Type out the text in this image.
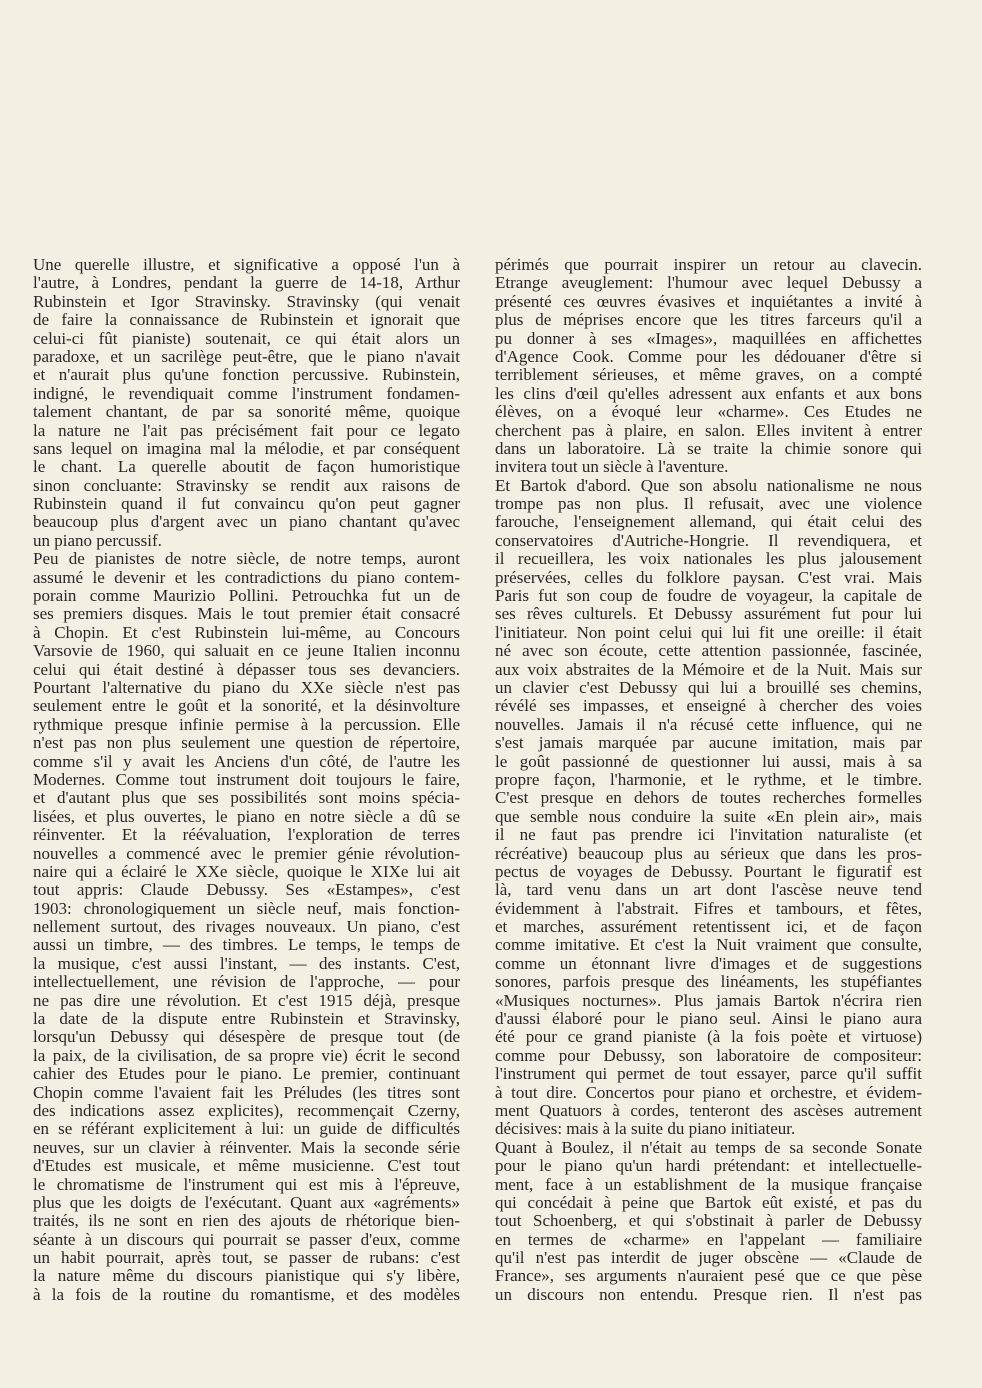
Une querelle illustre, et significative a opposé l'un à
l'autre, à Londres, pendant la guerre de 14-18, Arthur
Rubinstein et Igor Stravinsky. Stravinsky (qui venait
de faire la connaissance de Rubinstein et ignorait que
celui-ci fût pianiste) soutenait, ce qui était alors un
paradoxe, et un sacrilège peut-être, que le piano n'avait
et n'aurait plus qu'une fonction percussive. Rubinstein,
indigné, le revendiquait comme l'instrument fondamen-
talement chantant, de par sa sonorité même, quoique
la nature ne l'ait pas précisément fait pour ce legato
sans lequel on imagina mal la mélodie, et par conséquent
le chant. La querelle aboutit de façon humoristique
sinon concluante: Stravinsky se rendit aux raisons de
Rubinstein quand il fut convaincu qu'on peut gagner
beaucoup plus d'argent avec un piano chantant qu'avec
un piano percussif.
Peu de pianistes de notre siècle, de notre temps, auront
assumé le devenir et les contradictions du piano contem-
porain comme Maurizio Pollini. Petrouchka fut un de
ses premiers disques. Mais le tout premier était consacré
à Chopin. Et c'est Rubinstein lui-même, au Concours
Varsovie de 1960, qui saluait en ce jeune Italien inconnu
celui qui était destiné à dépasser tous ses devanciers.
Pourtant l'alternative du piano du XXe siècle n'est pas
seulement entre le goût et la sonorité, et la désinvolture
rythmique presque infinie permise à la percussion. Elle
n'est pas non plus seulement une question de répertoire,
comme s'il y avait les Anciens d'un côté, de l'autre les
Modernes. Comme tout instrument doit toujours le faire,
et d'autant plus que ses possibilités sont moins spécia-
lisées, et plus ouvertes, le piano en notre siècle a dû se
réinventer. Et la réévaluation, l'exploration de terres
nouvelles a commencé avec le premier génie révolution-
naire qui a éclairé le XXe siècle, quoique le XIXe lui ait
tout appris: Claude Debussy. Ses «Estampes», c'est
1903: chronologiquement un siècle neuf, mais fonction-
nellement surtout, des rivages nouveaux. Un piano, c'est
aussi un timbre, — des timbres. Le temps, le temps de
la musique, c'est aussi l'instant, — des instants. C'est,
intellectuellement, une révision de l'approche, — pour
ne pas dire une révolution. Et c'est 1915 déjà, presque
la date de la dispute entre Rubinstein et Stravinsky,
lorsqu'un Debussy qui désespère de presque tout (de
la paix, de la civilisation, de sa propre vie) écrit le second
cahier des Etudes pour le piano. Le premier, continuant
Chopin comme l'avaient fait les Préludes (les titres sont
des indications assez explicites), recommençait Czerny,
en se référant explicitement à lui: un guide de difficultés
neuves, sur un clavier à réinventer. Mais la seconde série
d'Etudes est musicale, et même musicienne. C'est tout
le chromatisme de l'instrument qui est mis à l'épreuve,
plus que les doigts de l'exécutant. Quant aux «agréments»
traités, ils ne sont en rien des ajouts de rhétorique bien-
séante à un discours qui pourrait se passer d'eux, comme
un habit pourrait, après tout, se passer de rubans: c'est
la nature même du discours pianistique qui s'y libère,
à la fois de la routine du romantisme, et des modèles
périmés que pourrait inspirer un retour au clavecin.
Etrange aveuglement: l'humour avec lequel Debussy a
présenté ces œuvres évasives et inquiétantes a invité à
plus de méprises encore que les titres farceurs qu'il a
pu donner à ses «Images», maquillées en affichettes
d'Agence Cook. Comme pour les dédouaner d'être si
terriblement sérieuses, et même graves, on a compté
les clins d'œil qu'elles adressent aux enfants et aux bons
élèves, on a évoqué leur «charme». Ces Etudes ne
cherchent pas à plaire, en salon. Elles invitent à entrer
dans un laboratoire. Là se traite la chimie sonore qui
invitera tout un siècle à l'aventure.
Et Bartok d'abord. Que son absolu nationalisme ne nous
trompe pas non plus. Il refusait, avec une violence
farouche, l'enseignement allemand, qui était celui des
conservatoires d'Autriche-Hongrie. Il revendiquera, et
il recueillera, les voix nationales les plus jalousement
préservées, celles du folklore paysan. C'est vrai. Mais
Paris fut son coup de foudre de voyageur, la capitale de
ses rêves culturels. Et Debussy assurément fut pour lui
l'initiateur. Non point celui qui lui fit une oreille: il était
né avec son écoute, cette attention passionnée, fascinée,
aux voix abstraites de la Mémoire et de la Nuit. Mais sur
un clavier c'est Debussy qui lui a brouillé ses chemins,
révélé ses impasses, et enseigné à chercher des voies
nouvelles. Jamais il n'a récusé cette influence, qui ne
s'est jamais marquée par aucune imitation, mais par
le goût passionné de questionner lui aussi, mais à sa
propre façon, l'harmonie, et le rythme, et le timbre.
C'est presque en dehors de toutes recherches formelles
que semble nous conduire la suite «En plein air», mais
il ne faut pas prendre ici l'invitation naturaliste (et
récréative) beaucoup plus au sérieux que dans les pros-
pectus de voyages de Debussy. Pourtant le figuratif est
là, tard venu dans un art dont l'ascèse neuve tend
évidemment à l'abstrait. Fifres et tambours, et fêtes,
et marches, assurément retentissent ici, et de façon
comme imitative. Et c'est la Nuit vraiment que consulte,
comme un étonnant livre d'images et de suggestions
sonores, parfois presque des linéaments, les stupéfiantes
«Musiques nocturnes». Plus jamais Bartok n'écrira rien
d'aussi élaboré pour le piano seul. Ainsi le piano aura
été pour ce grand pianiste (à la fois poète et virtuose)
comme pour Debussy, son laboratoire de compositeur:
l'instrument qui permet de tout essayer, parce qu'il suffit
à tout dire. Concertos pour piano et orchestre, et évidem-
ment Quatuors à cordes, tenteront des ascèses autrement
décisives: mais à la suite du piano initiateur.
Quant à Boulez, il n'était au temps de sa seconde Sonate
pour le piano qu'un hardi prétendant: et intellectuelle-
ment, face à un establishment de la musique française
qui concédait à peine que Bartok eût existé, et pas du
tout Schoenberg, et qui s'obstinait à parler de Debussy
en termes de «charme» en l'appelant — familiaire
qu'il n'est pas interdit de juger obscène — «Claude de
France», ses arguments n'auraient pesé que ce que pèse
un discours non entendu. Presque rien. Il n'est pas
